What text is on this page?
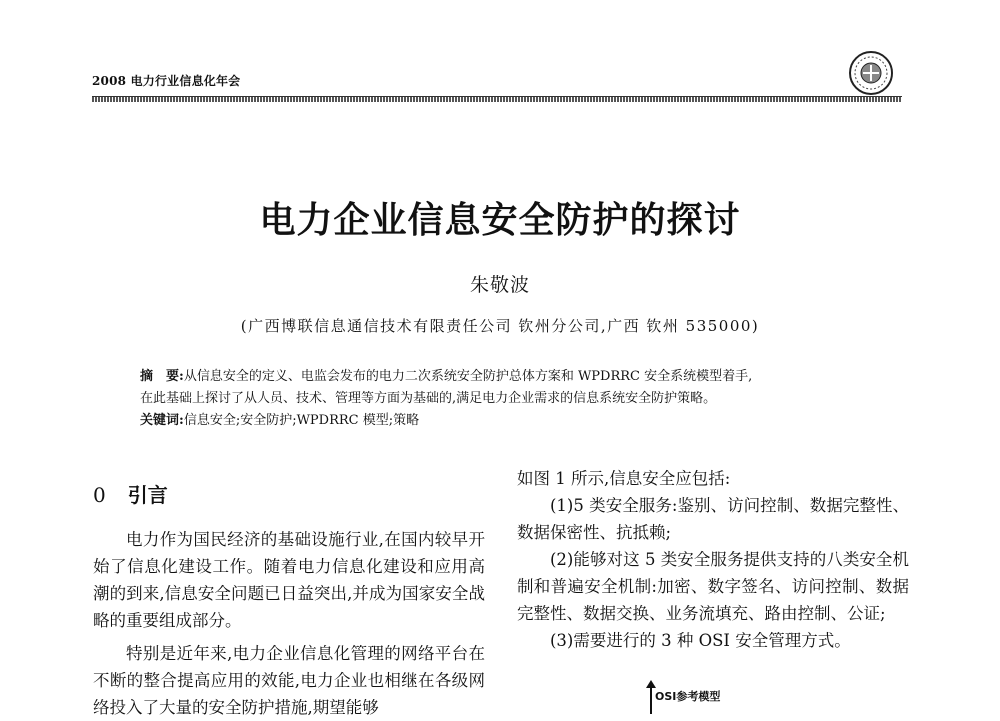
2008 电力行业信息化年会
电力企业信息安全防护的探讨
朱敬波
(广西博联信息通信技术有限责任公司 钦州分公司,广西 钦州 535000)
摘　要:从信息安全的定义、电监会发布的电力二次系统安全防护总体方案和 WPDRRC 安全系统模型着手,
在此基础上探讨了从人员、技术、管理等方面为基础的,满足电力企业需求的信息系统安全防护策略。
关键词:信息安全;安全防护;WPDRRC 模型;策略
0 引言

电力作为国民经济的基础设施行业,在国内较早开始了信息化建设工作。随着电力信息化建设和应用高潮的到来,信息安全问题已日益突出,并成为国家安全战略的重要组成部分。

特别是近年来,电力企业信息化管理的网络平台在不断的整合提高应用的效能,电力企业也相继在各级网络投入了大量的安全防护措施,期望能够

如图 1 所示,信息安全应包括:

(1)5 类安全服务:鉴别、访问控制、数据完整性、数据保密性、抗抵赖;

(2)能够对这 5 类安全服务提供支持的八类安全机制和普遍安全机制:加密、数字签名、访问控制、数据完整性、数据交换、业务流填充、路由控制、公证;

(3)需要进行的 3 种 OSI 安全管理方式。

OSI参考模型
